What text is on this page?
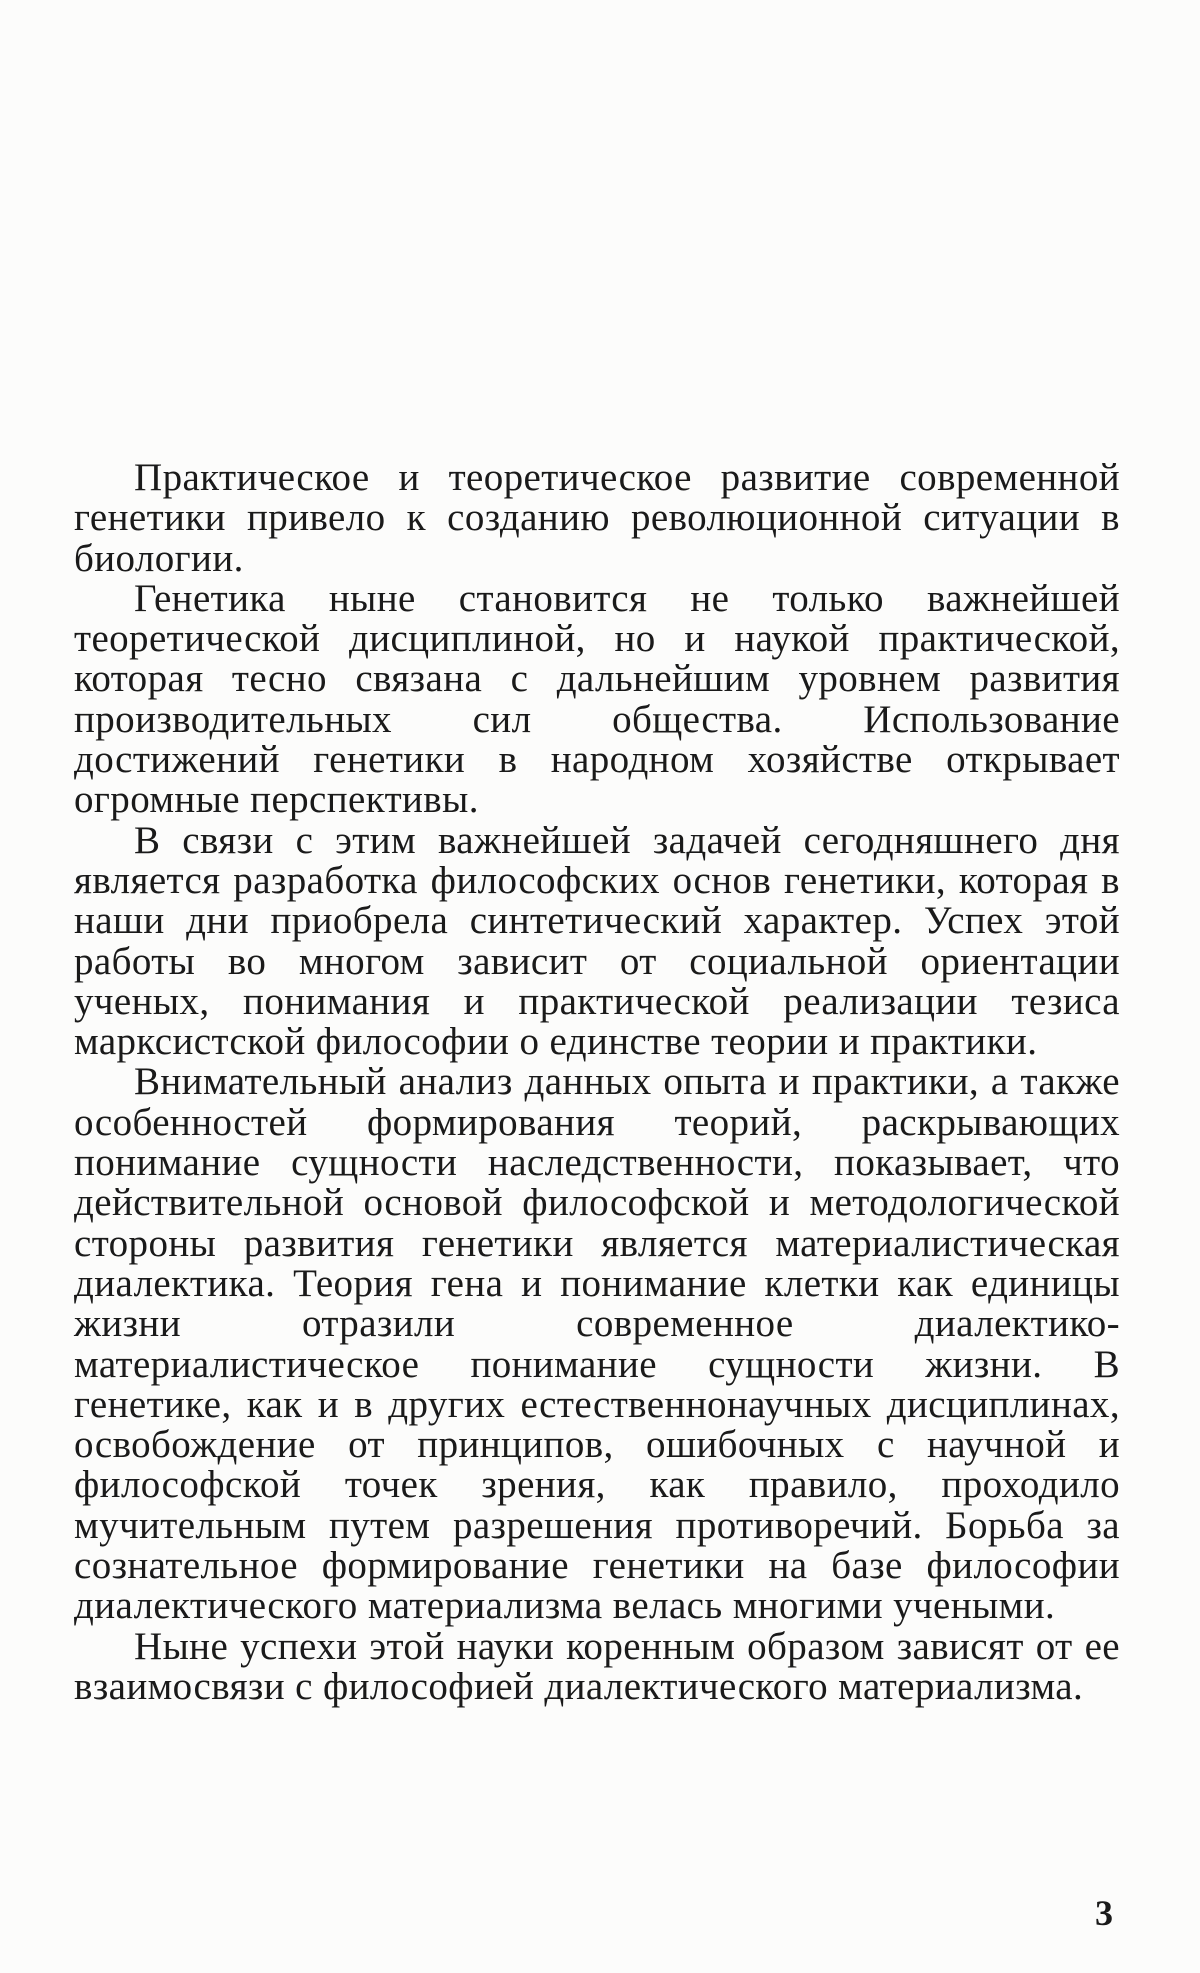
Практическое и теоретическое развитие современной генетики привело к созданию революционной ситуации в биологии.

Генетика ныне становится не только важнейшей теоретической дисциплиной, но и наукой практической, которая тесно связана с дальнейшим уровнем развития производительных сил общества. Использование достижений генетики в народном хозяйстве открывает огромные перспективы.

В связи с этим важнейшей задачей сегодняшнего дня является разработка философских основ генетики, которая в наши дни приобрела синтетический характер. Успех этой работы во многом зависит от социальной ориентации ученых, понимания и практической реализации тезиса марксистской философии о единстве теории и практики.

Внимательный анализ данных опыта и практики, а также особенностей формирования теорий, раскрывающих понимание сущности наследственности, показывает, что действительной основой философской и методологической стороны развития генетики является материалистическая диалектика. Теория гена и понимание клетки как единицы жизни отразили современное диалектико-материалистическое понимание сущности жизни. В генетике, как и в других естественнонаучных дисциплинах, освобождение от принципов, ошибочных с научной и философской точек зрения, как правило, проходило мучительным путем разрешения противоречий. Борьба за сознательное формирование генетики на базе философии диалектического материализма велась многими учеными.

Ныне успехи этой науки коренным образом зависят от ее взаимосвязи с философией диалектического материализма.

3
